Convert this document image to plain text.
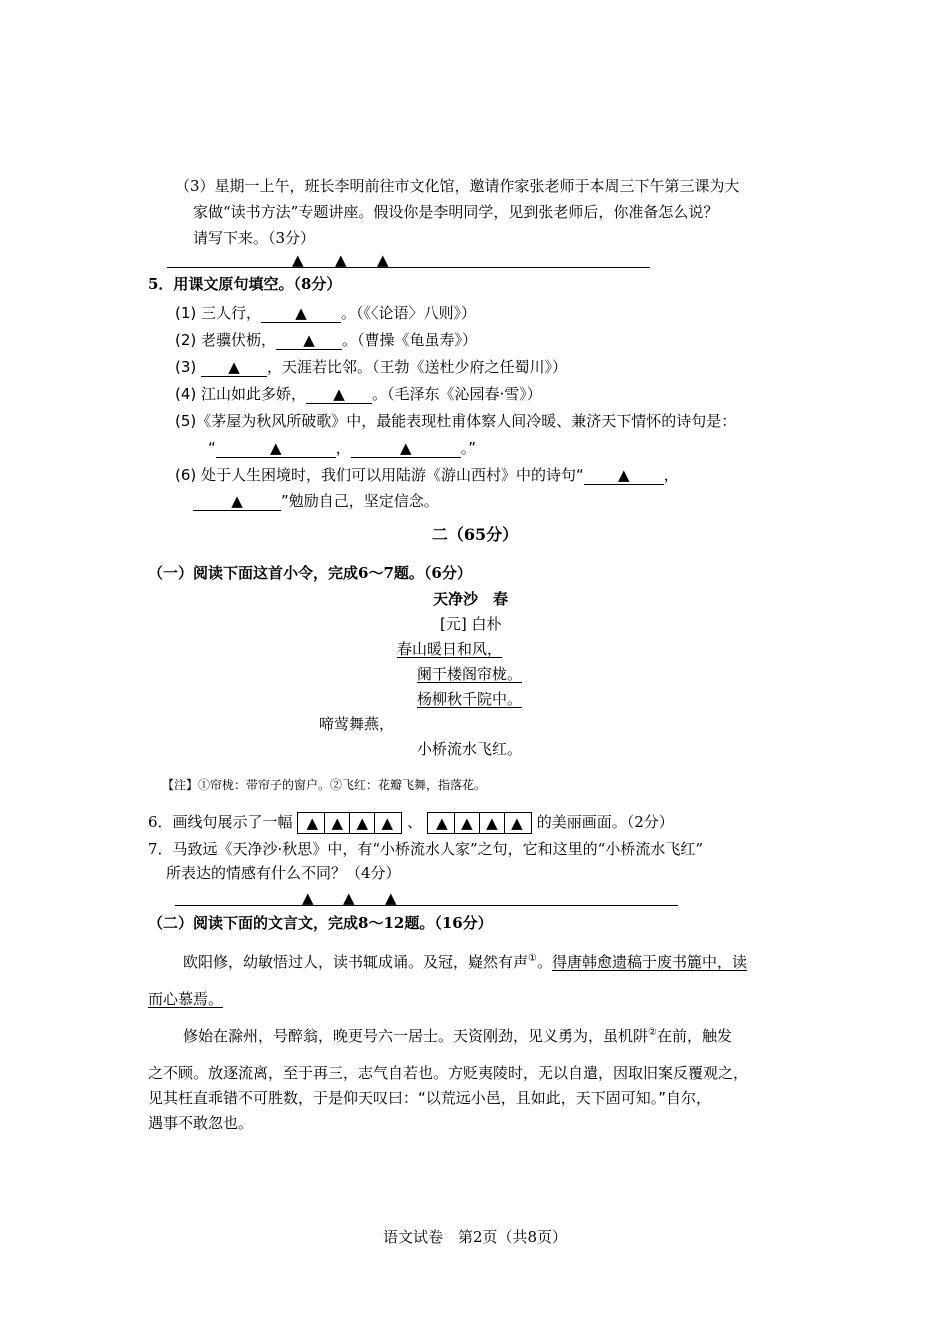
（3）星期一上午，班长李明前往市文化馆，邀请作家张老师于本周三下午第三课为大
家做“读书方法”专题讲座。假设你是李明同学，见到张老师后，你准备怎么说？
请写下来。（3分）
▲ ▲ ▲
5．用课文原句填空。（8分）
(1) 三人行， ▲ 。（《〈论语〉八则》）
(2) 老骥伏枥， ▲ 。（曹操《龟虽寿》）
(3) ▲ ，天涯若比邻。（王勃《送杜少府之任蜀川》）
(4) 江山如此多娇， ▲ 。（毛泽东《沁园春·雪》）
(5)《茅屋为秋风所破歌》中，最能表现杜甫体察人间冷暖、兼济天下情怀的诗句是：
“	▲	，	▲	。”
(6) 处于人生困境时，我们可以用陆游《游山西村》中的诗句“ ▲ ，
▲	”勉励自己，坚定信念。
二（65分）
（一）阅读下面这首小令，完成6～7题。（6分）
天净沙　春
[元] 白朴
春山暖日和风，
阑干楼阁帘栊。
杨柳秋千院中。
啼莺舞燕，
小桥流水飞红。
【注】①帘栊：带帘子的窗户。②飞红：花瓣飞舞，指落花。
6．画线句展示了一幅 ▲ ▲ ▲ ▲ 、 ▲ ▲ ▲ ▲ 的美丽画面。（2分）
7．马致远《天净沙·秋思》中，有“小桥流水人家”之句，它和这里的“小桥流水飞红”
所表达的情感有什么不同？（4分）
▲ ▲ ▲
（二）阅读下面的文言文，完成8～12题。（16分）
欧阳修，幼敏悟过人，读书辄成诵。及冠，嶷然有声①。得唐韩愈遗稿于废书簏中，读
而心慕焉。
修始在滁州，号醉翁，晚更号六一居士。天资刚劲，见义勇为，虽机阱②在前，触发
之不顾。放逐流离，至于再三，志气自若也。方贬夷陵时，无以自遣，因取旧案反覆观之，
见其枉直乖错不可胜数，于是仰天叹曰：“以荒远小邑，且如此，天下固可知。”自尔，
遇事不敢忽也。
语文试卷　第2页（共8页）
